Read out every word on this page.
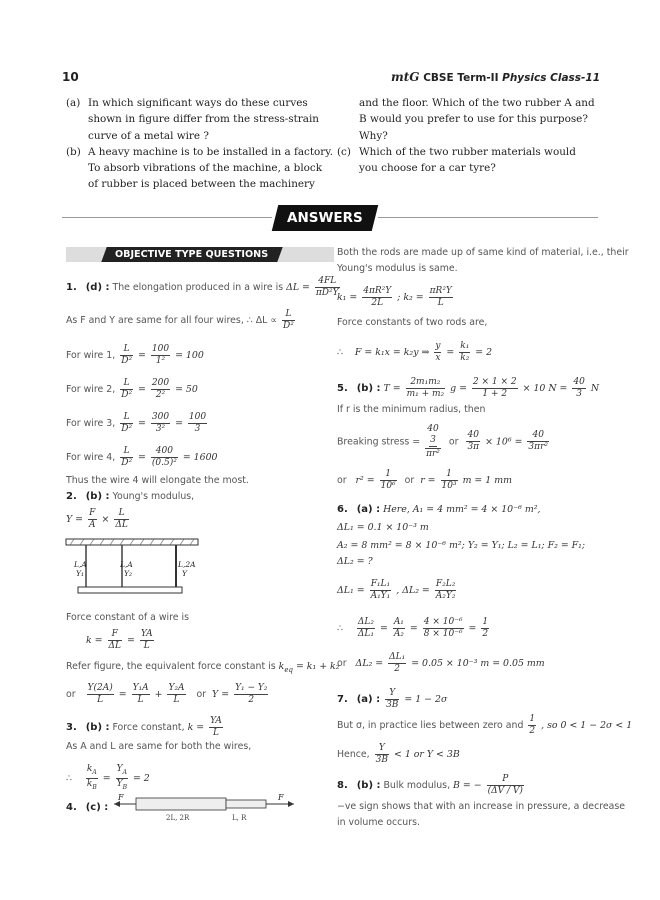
10	mtG CBSE Term-II Physics Class-11
(a) In which significant ways do these curves
shown in figure differ from the stress-strain
curve of a metal wire ?
(b) A heavy machine is to be installed in a factory.
To absorb vibrations of the machine, a block
of rubber is placed between the machinery
and the floor. Which of the two rubber A and
B would you prefer to use for this purpose?
Why?
(c) Which of the two rubber materials would
you choose for a car tyre?
ANSWERS
OBJECTIVE TYPE QUESTIONS
1. (d) : The elongation produced in a wire is $\Delta L = \frac{4FL}{\text{πD²Y}}$
As F and Y are same for all four wires, ∴ $\Delta L \propto \frac{L}{\text{D²}}$
For wire 1, $\frac{L}{\text{D²}} = \frac{100}{\text{1²}} = 100$
For wire 2, $\frac{L}{\text{D²}} = \frac{200}{\text{2²}} = 50$
For wire 3, $\frac{L}{\text{D²}} = \frac{300}{\text{3²}} = \frac{100}{3}$
For wire 4, $\frac{L}{\text{D²}} = \frac{400}{\text{(0.5)²}} = 1600$
Thus the wire 4 will elongate the most.
2. (b) : Young's modulus,
$Y = \frac{F}{A} \times \frac{L}{\Delta L}$
L,A
Y₁
L,A
Y₂
L,2A
Y
Force constant of a wire is
$k = \frac{F}{\Delta L} = \frac{YA}{L}$
Refer figure, the equivalent force constant is $k_{eq} = k_1 + k_2$
or $\frac{Y(2A)}{L} = \frac{\text{Y₁A}}{L} + \frac{\text{Y₂A}}{L}$ or $Y = \frac{\text{Y₁ − Y₂}}{2}$
3. (b) : Force constant, $k = \frac{YA}{L}$
As A and L are same for both the wires,
∴ $\frac{k_A}{k_B} = \frac{Y_A}{Y_B} = 2$
4. (c) :
F	F
2L, 2R	L, R
Both the rods are made up of same kind of material, i.e., their
Young's modulus is same.
$k_1 = \frac{\text{4πR²Y}}{2L}$ ; $k_2 = \frac{\text{πR²Y}}{L}$
Force constants of two rods are,
∴ F = k₁x = k₂y ⇒ $\frac{y}{x} = \frac{\text{k₁}}{\text{k₂}} = 2$
5. (b) : $T = \frac{\text{2m₁m₂}}{\text{m₁ + m₂}}$ $g = \frac{2 \times 1 \times 2}{1 + 2} \times 10$ $N = \frac{40}{3}$ N
If r is the minimum radius, then
Breaking stress =
40

3
πr²
or $\frac{40}{3\pi} \times 10^6 = \frac{40}{\text{3πr²}}$
or $r^2 = \frac{1}{\text{10⁶}}$ or $r = \frac{1}{\text{10³}}$ m = 1 mm
6. (a) : Here, A₁ = 4 mm² = 4 × 10⁻⁶ m²,
ΔL₁ = 0.1 × 10⁻³ m
A₂ = 8 mm² = 8 × 10⁻⁶ m²; Y₂ = Y₁; L₂ = L₁; F₂ = F₁;
ΔL₂ = ?
$\Delta L_1 = \frac{\text{F₁L₁}}{\text{A₁Y₁}}$ , $\Delta L_2 = \frac{\text{F₂L₂}}{\text{A₂Y₂}}$
∴ $\frac{\text{ΔL₂}}{\text{ΔL₁}} = \frac{\text{A₁}}{\text{A₂}} = \frac{\text{4 × 10⁻⁶}}{\text{8 × 10⁻⁶}} = \frac{1}{2}$
or $\Delta L_2 = \frac{\text{ΔL₁}}{2} = 0.05 \times 10^{-3}$ m = 0.05 mm
7. (a) : $\frac{Y}{3B} = 1 - 2\sigma$
But σ, in practice lies between zero and $\frac{1}{2}$ , so 0 < 1 − 2σ < 1
Hence, $\frac{Y}{3B} < 1$ or Y < 3B
8. (b) : Bulk modulus, B = − $\frac{P}{(\Delta V / V)}$
−ve sign shows that with an increase in pressure, a decrease
in volume occurs.
